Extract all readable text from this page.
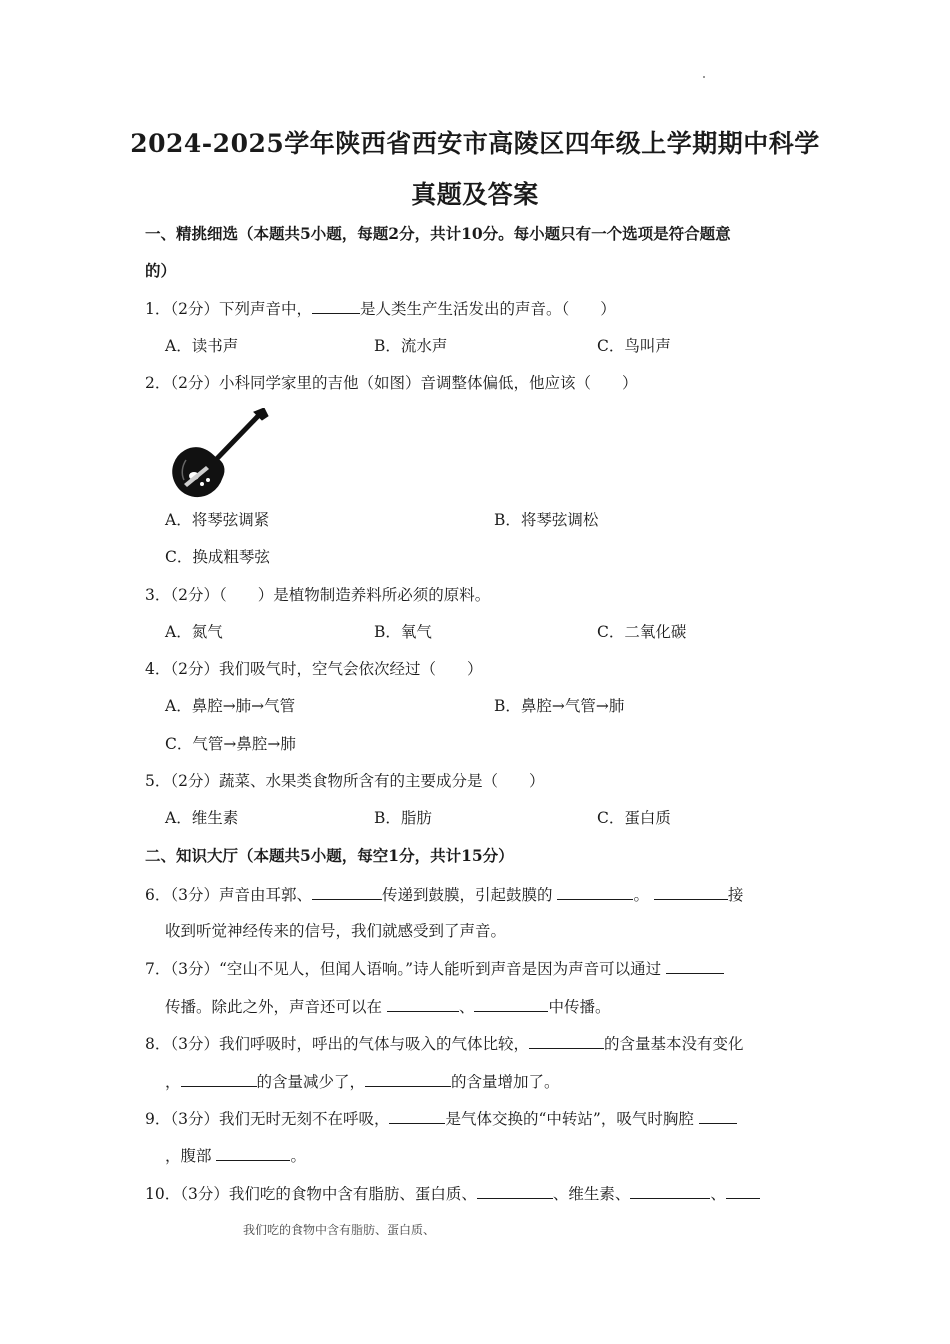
2024-2025学年陕西省西安市高陵区四年级上学期期中科学
真题及答案
一、精挑细选（本题共5小题，每题2分，共计10分。每小题只有一个选项是符合题意
的）
1．（2分）下列声音中，	是人类生产生活发出的声音。（　　）
A．读书声	B．流水声	C．鸟叫声
2．（2分）小科同学家里的吉他（如图）音调整体偏低，他应该（　　）
A．将琴弦调紧	B．将琴弦调松
C．换成粗琴弦
3．（2分）（　　）是植物制造养料所必须的原料。
A．氮气	B．氧气	C．二氧化碳
4．（2分）我们吸气时，空气会依次经过（　　）
A．鼻腔→肺→气管	B．鼻腔→气管→肺
C．气管→鼻腔→肺
5．（2分）蔬菜、水果类食物所含有的主要成分是（　　）
A．维生素	B．脂肪	C．蛋白质
二、知识大厅（本题共5小题，每空1分，共计15分）
6．（3分）声音由耳郭、	传递到鼓膜，引起鼓膜的	。	接
收到听觉神经传来的信号，我们就感受到了声音。
7．（3分）“空山不见人，但闻人语响。”诗人能听到声音是因为声音可以通过
传播。除此之外，声音还可以在	、	中传播。
8．（3分）我们呼吸时，呼出的气体与吸入的气体比较，	的含量基本没有变化
，	的含量减少了，	的含量增加了。
9．（3分）我们无时无刻不在呼吸，	是气体交换的“中转站”，吸气时胸腔
，腹部	。
10．（3分）我们吃的食物中含有脂肪、蛋白质、	、维生素、	、
我们吃的食物中含有脂肪、蛋白质、
